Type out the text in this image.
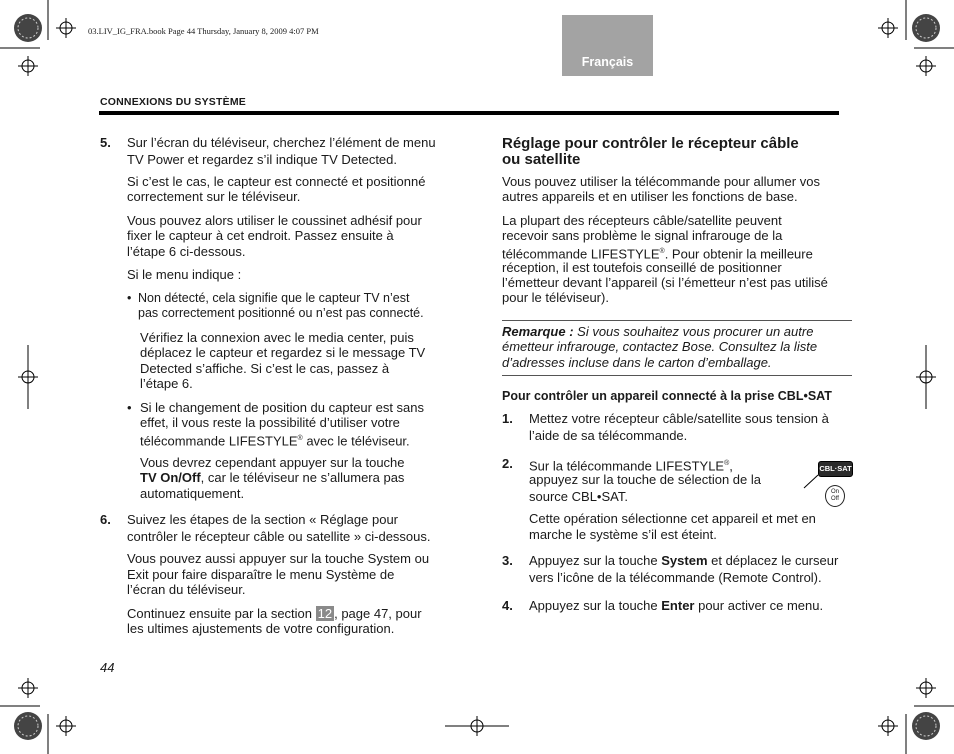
03.LIV_IG_FRA.book Page 44 Thursday, January 8, 2009 4:07 PM
Français
CONNEXIONS DU SYSTÈME
5. Sur l’écran du téléviseur, cherchez l’élément de menu
TV Power et regardez s’il indique TV Detected.
Si c’est le cas, le capteur est connecté et positionné
correctement sur le téléviseur.
Vous pouvez alors utiliser le coussinet adhésif pour
fixer le capteur à cet endroit. Passez ensuite à
l’étape 6 ci-dessous.
Si le menu indique :
• Non détecté, cela signifie que le capteur TV n’est
pas correctement positionné ou n’est pas connecté.
Vérifiez la connexion avec le media center, puis
déplacez le capteur et regardez si le message TV
Detected s’affiche. Si c’est le cas, passez à
l’étape 6.
• Si le changement de position du capteur est sans
effet, il vous reste la possibilité d’utiliser votre
télécommande LIFESTYLE® avec le téléviseur.
Vous devrez cependant appuyer sur la touche
TV On/Off, car le téléviseur ne s’allumera pas
automatiquement.
6. Suivez les étapes de la section « Réglage pour
contrôler le récepteur câble ou satellite » ci-dessous.
Vous pouvez aussi appuyer sur la touche System ou
Exit pour faire disparaître le menu Système de
l’écran du téléviseur.
Continuez ensuite par la section 12 , page 47, pour
les ultimes ajustements de votre configuration.
Réglage pour contrôler le récepteur câble
ou satellite
Vous pouvez utiliser la télécommande pour allumer vos
autres appareils et en utiliser les fonctions de base.
La plupart des récepteurs câble/satellite peuvent
recevoir sans problème le signal infrarouge de la
télécommande LIFESTYLE®. Pour obtenir la meilleure
réception, il est toutefois conseillé de positionner
l’émetteur devant l’appareil (si l’émetteur n’est pas utilisé
pour le téléviseur).
Remarque : Si vous souhaitez vous procurer un autre
émetteur infrarouge, contactez Bose. Consultez la liste
d’adresses incluse dans le carton d’emballage.
Pour contrôler un appareil connecté à la prise CBL•SAT
1. Mettez votre récepteur câble/satellite sous tension à
l’aide de sa télécommande.
2. Sur la télécommande LIFESTYLE®,
appuyez sur la touche de sélection de la
source CBL•SAT.
CBL·SAT
On
Off
Cette opération sélectionne cet appareil et met en
marche le système s’il est éteint.
3. Appuyez sur la touche System et déplacez le curseur
vers l’icône de la télécommande (Remote Control).
4. Appuyez sur la touche Enter pour activer ce menu.
44
